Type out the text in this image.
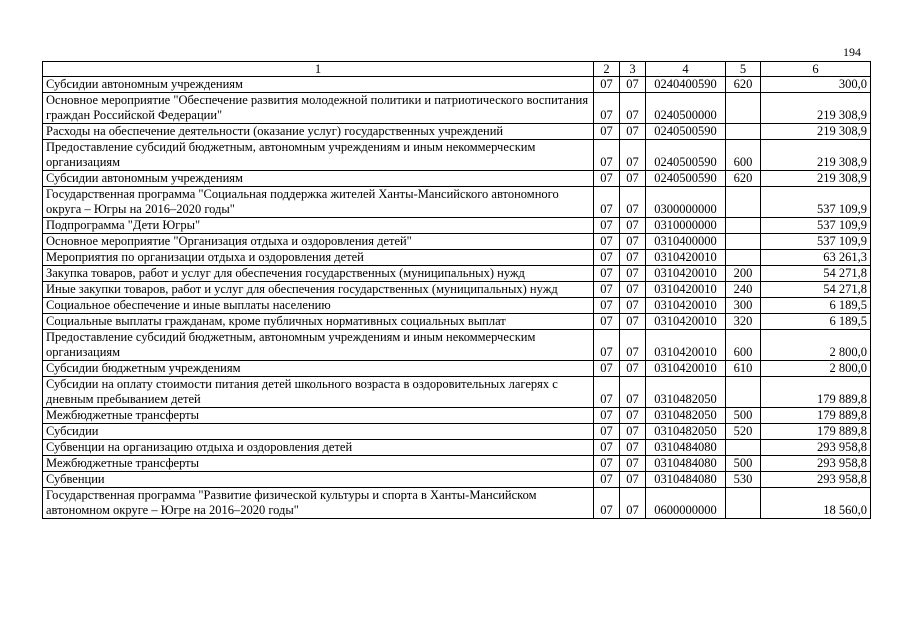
194
1	2	3	4	5	6
Субсидии автономным учреждениям	07	07	0240400590	620	300,0
Основное мероприятие "Обеспечение развития молодежной политики и патриотического воспитания граждан Российской Федерации"	07	07	0240500000		219 308,9
Расходы на обеспечение деятельности (оказание услуг) государственных учреждений	07	07	0240500590		219 308,9
Предоставление субсидий бюджетным, автономным учреждениям и иным некоммерческим организациям	07	07	0240500590	600	219 308,9
Субсидии автономным учреждениям	07	07	0240500590	620	219 308,9
Государственная программа "Социальная поддержка жителей Ханты-Мансийского автономного округа – Югры на 2016–2020 годы"	07	07	0300000000		537 109,9
Подпрограмма "Дети Югры"	07	07	0310000000		537 109,9
Основное мероприятие "Организация отдыха и оздоровления детей"	07	07	0310400000		537 109,9
Мероприятия по организации отдыха и оздоровления детей	07	07	0310420010		63 261,3
Закупка товаров, работ и услуг для обеспечения государственных (муниципальных) нужд	07	07	0310420010	200	54 271,8
Иные закупки товаров, работ и услуг для обеспечения государственных (муниципальных) нужд	07	07	0310420010	240	54 271,8
Социальное обеспечение и иные выплаты населению	07	07	0310420010	300	6 189,5
Социальные выплаты гражданам, кроме публичных нормативных социальных выплат	07	07	0310420010	320	6 189,5
Предоставление субсидий бюджетным, автономным учреждениям и иным некоммерческим организациям	07	07	0310420010	600	2 800,0
Субсидии бюджетным учреждениям	07	07	0310420010	610	2 800,0
Субсидии на оплату стоимости питания детей школьного возраста в оздоровительных лагерях с дневным пребыванием детей	07	07	0310482050		179 889,8
Межбюджетные трансферты	07	07	0310482050	500	179 889,8
Субсидии	07	07	0310482050	520	179 889,8
Субвенции на организацию отдыха и оздоровления детей	07	07	0310484080		293 958,8
Межбюджетные трансферты	07	07	0310484080	500	293 958,8
Субвенции	07	07	0310484080	530	293 958,8
Государственная программа "Развитие физической культуры и спорта в Ханты-Мансийском автономном округе – Югре на 2016–2020 годы"	07	07	0600000000		18 560,0
